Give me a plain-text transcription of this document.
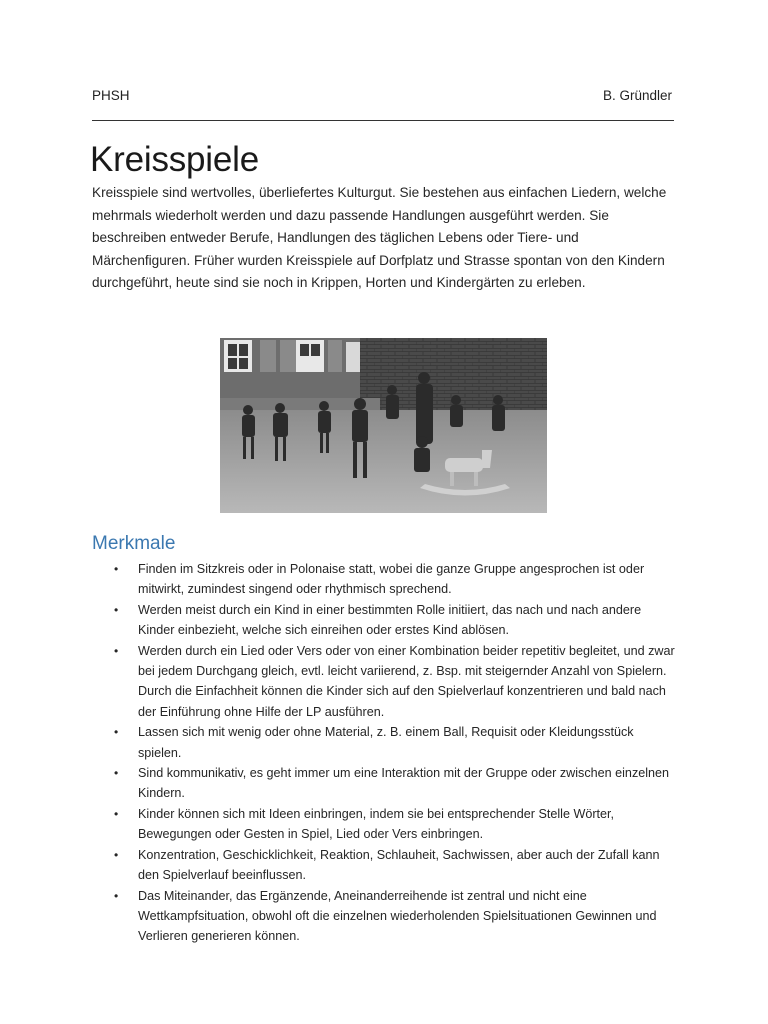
PHSH	B. Gründler
Kreisspiele

Kreisspiele sind wertvolles, überliefertes Kulturgut. Sie bestehen aus einfachen Liedern, welche mehrmals wiederholt werden und dazu passende Handlungen ausgeführt werden. Sie beschreiben entweder Berufe, Handlungen des täglichen Lebens oder Tiere- und Märchenfiguren. Früher wurden Kreisspiele auf Dorfplatz und Strasse spontan von den Kindern durchgeführt, heute sind sie noch in Krippen, Horten und Kindergärten zu erleben.

Merkmale
• Finden im Sitzkreis oder in Polonaise statt, wobei die ganze Gruppe angesprochen ist oder mitwirkt, zumindest singend oder rhythmisch sprechend.
• Werden meist durch ein Kind in einer bestimmten Rolle initiiert, das nach und nach andere Kinder einbezieht, welche sich einreihen oder erstes Kind ablösen.
• Werden durch ein Lied oder Vers oder von einer Kombination beider repetitiv begleitet, und zwar bei jedem Durchgang gleich, evtl. leicht variierend, z. Bsp. mit steigernder Anzahl von Spielern. Durch die Einfachheit können die Kinder sich auf den Spielverlauf konzentrieren und bald nach der Einführung ohne Hilfe der LP ausführen.
• Lassen sich mit wenig oder ohne Material, z. B. einem Ball, Requisit oder Kleidungsstück spielen.
• Sind kommunikativ, es geht immer um eine Interaktion mit der Gruppe oder zwischen einzelnen Kindern.
• Kinder können sich mit Ideen einbringen, indem sie bei entsprechender Stelle Wörter, Bewegungen oder Gesten in Spiel, Lied oder Vers einbringen.
• Konzentration, Geschicklichkeit, Reaktion, Schlauheit, Sachwissen, aber auch der Zufall kann den Spielverlauf beeinflussen.
• Das Miteinander, das Ergänzende, Aneinanderreihende ist zentral und nicht eine Wettkampfsituation, obwohl oft die einzelnen wiederholenden Spielsituationen Gewinnen und Verlieren generieren können.
